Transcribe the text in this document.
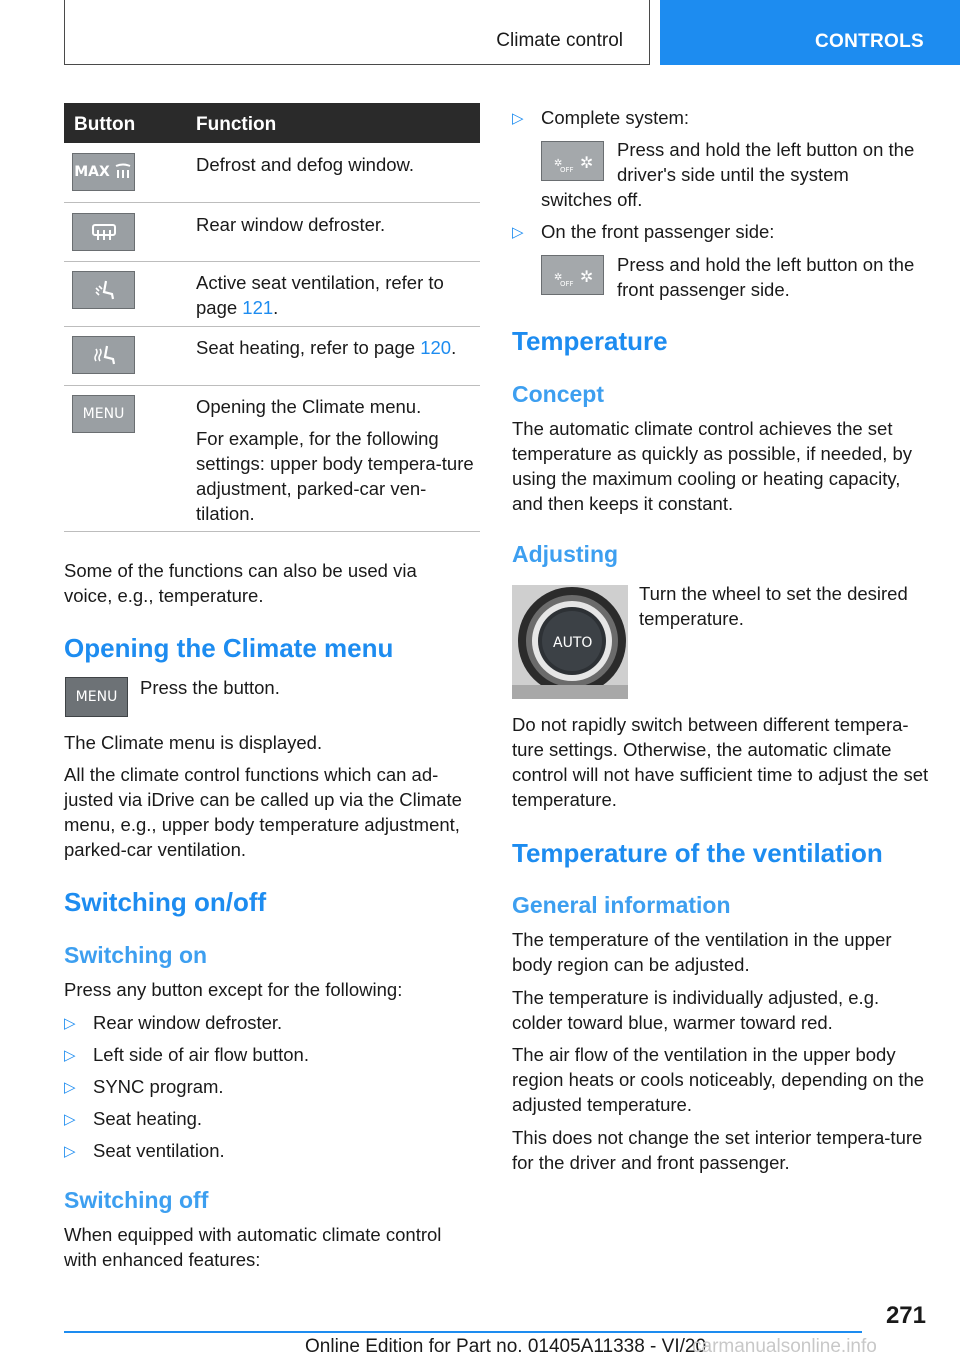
Climate control	CONTROLS
Button	Function
MAX	Defrost and defog window.
Rear window defroster.
Active seat ventilation, refer to page 121.
Seat heating, refer to page 120.
MENU	Opening the Climate menu.

For example, for the following settings: upper body tempera-ture adjustment, parked-car ven-tilation.

Some of the functions can also be used via voice, e.g., temperature.
Opening the Climate menu
MENU Press the button.
The Climate menu is displayed.
All the climate control functions which can ad-justed via iDrive can be called up via the Climate menu, e.g., upper body temperature adjustment, parked-car ventilation.
Switching on/off
Switching on
Press any button except for the following:
▷ Rear window defroster.
▷ Left side of air flow button.
▷ SYNC program.
▷ Seat heating.
▷ Seat ventilation.
Switching off
When equipped with automatic climate control with enhanced features:
▷ Complete system:
✲
OFF ✲
Press and hold the left button on the
driver's side until the system
switches off.
▷ On the front passenger side:
✲
OFF ✲
Press and hold the left button on the
front passenger side.
Temperature
Concept
The automatic climate control achieves the set temperature as quickly as possible, if needed, by using the maximum cooling or heating capacity, and then keeps it constant.
Adjusting
AUTO
Turn the wheel to set the desired
temperature.
Do not rapidly switch between different tempera-ture settings. Otherwise, the automatic climate control will not have sufficient time to adjust the set temperature.
Temperature of the ventilation
General information
The temperature of the ventilation in the upper body region can be adjusted.
The temperature is individually adjusted, e.g. colder toward blue, warmer toward red.
The air flow of the ventilation in the upper body region heats or cools noticeably, depending on the adjusted temperature.
This does not change the set interior tempera-ture for the driver and front passenger.
271
Online Edition for Part no. 01405A11338 - VI/20
carmanualsonline.info
